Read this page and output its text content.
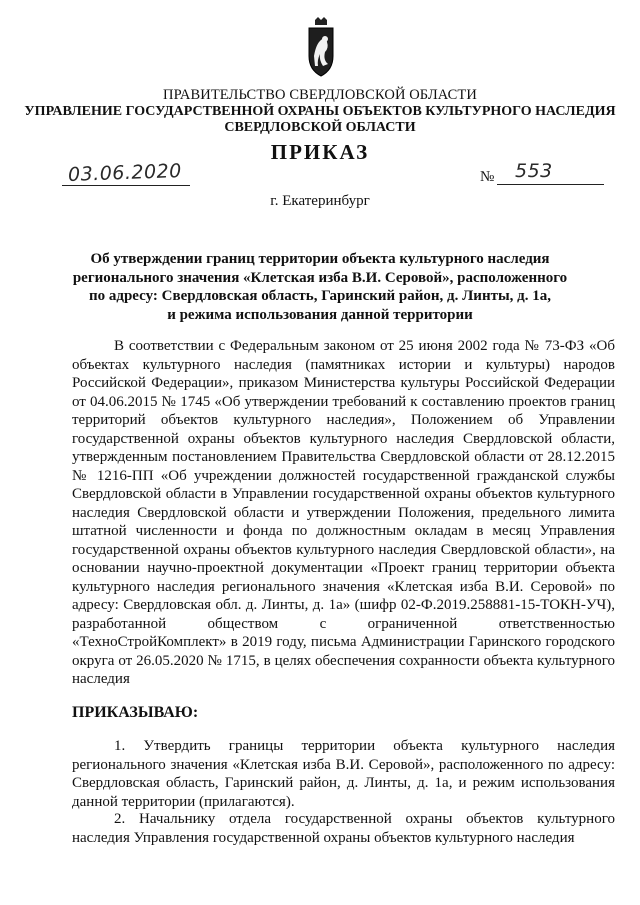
ПРАВИТЕЛЬСТВО СВЕРДЛОВСКОЙ ОБЛАСТИ
УПРАВЛЕНИЕ ГОСУДАРСТВЕННОЙ ОХРАНЫ ОБЪЕКТОВ КУЛЬТУРНОГО НАСЛЕДИЯ
СВЕРДЛОВСКОЙ ОБЛАСТИ
ПРИКАЗ
03.06.2020	№ 553
г. Екатеринбург
Об утверждении границ территории объекта культурного наследия
регионального значения «Клетская изба В.И. Серовой», расположенного
по адресу: Свердловская область, Гаринский район, д. Линты, д. 1а,
и режима использования данной территории
В соответствии с Федеральным законом от 25 июня 2002 года № 73-ФЗ «Об объектах культурного наследия (памятниках истории и культуры) народов Российской Федерации», приказом Министерства культуры Российской Федерации от 04.06.2015 № 1745 «Об утверждении требований к составлению проектов границ территорий объектов культурного наследия», Положением об Управлении государственной охраны объектов культурного наследия Свердловской области, утвержденным постановлением Правительства Свердловской области от 28.12.2015 № 1216-ПП «Об учреждении должностей государственной гражданской службы Свердловской области в Управлении государственной охраны объектов культурного наследия Свердловской области и утверждении Положения, предельного лимита штатной численности и фонда по должностным окладам в месяц Управления государственной охраны объектов культурного наследия Свердловской области», на основании научно-проектной документации «Проект границ территории объекта культурного наследия регионального значения «Клетская изба В.И. Серовой» по адресу: Свердловская обл. д. Линты, д. 1а» (шифр 02-Ф.2019.258881-15-ТОКН-УЧ), разработанной обществом с ограниченной ответственностью «ТехноСтройКомплект» в 2019 году, письма Администрации Гаринского городского округа от 26.05.2020 № 1715, в целях обеспечения сохранности объекта культурного наследия
ПРИКАЗЫВАЮ:
1. Утвердить границы территории объекта культурного наследия регионального значения «Клетская изба В.И. Серовой», расположенного по адресу: Свердловская область, Гаринский район, д. Линты, д. 1а, и режим использования данной территории (прилагаются).
2. Начальнику отдела государственной охраны объектов культурного наследия Управления государственной охраны объектов культурного наследия
